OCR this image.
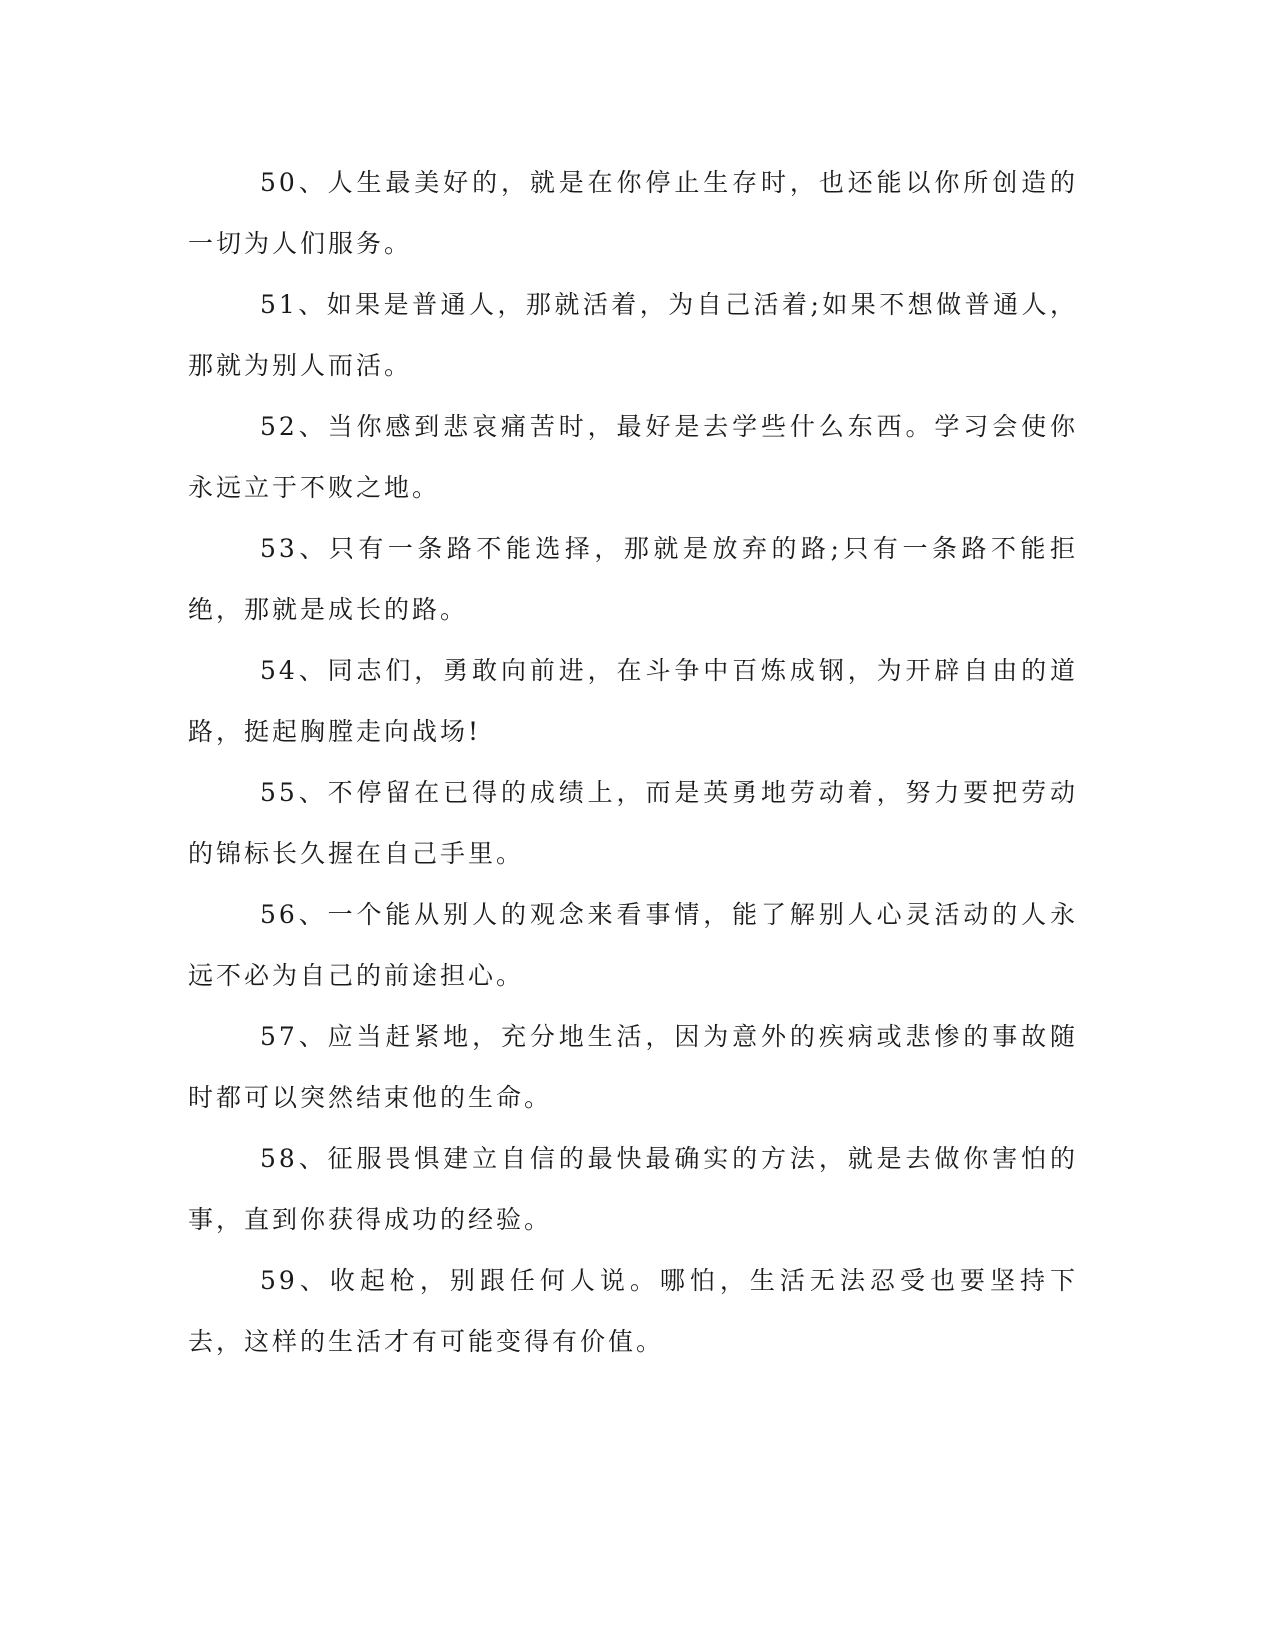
50、人生最美好的，就是在你停止生存时，也还能以你所创造的一切为人们服务。

51、如果是普通人，那就活着，为自己活着;如果不想做普通人，那就为别人而活。

52、当你感到悲哀痛苦时，最好是去学些什么东西。学习会使你永远立于不败之地。

53、只有一条路不能选择，那就是放弃的路;只有一条路不能拒绝，那就是成长的路。

54、同志们，勇敢向前进，在斗争中百炼成钢，为开辟自由的道路，挺起胸膛走向战场!

55、不停留在已得的成绩上，而是英勇地劳动着，努力要把劳动的锦标长久握在自己手里。

56、一个能从别人的观念来看事情，能了解别人心灵活动的人永远不必为自己的前途担心。

57、应当赶紧地，充分地生活，因为意外的疾病或悲惨的事故随时都可以突然结束他的生命。

58、征服畏惧建立自信的最快最确实的方法，就是去做你害怕的事，直到你获得成功的经验。

59、收起枪，别跟任何人说。哪怕，生活无法忍受也要坚持下去，这样的生活才有可能变得有价值。
